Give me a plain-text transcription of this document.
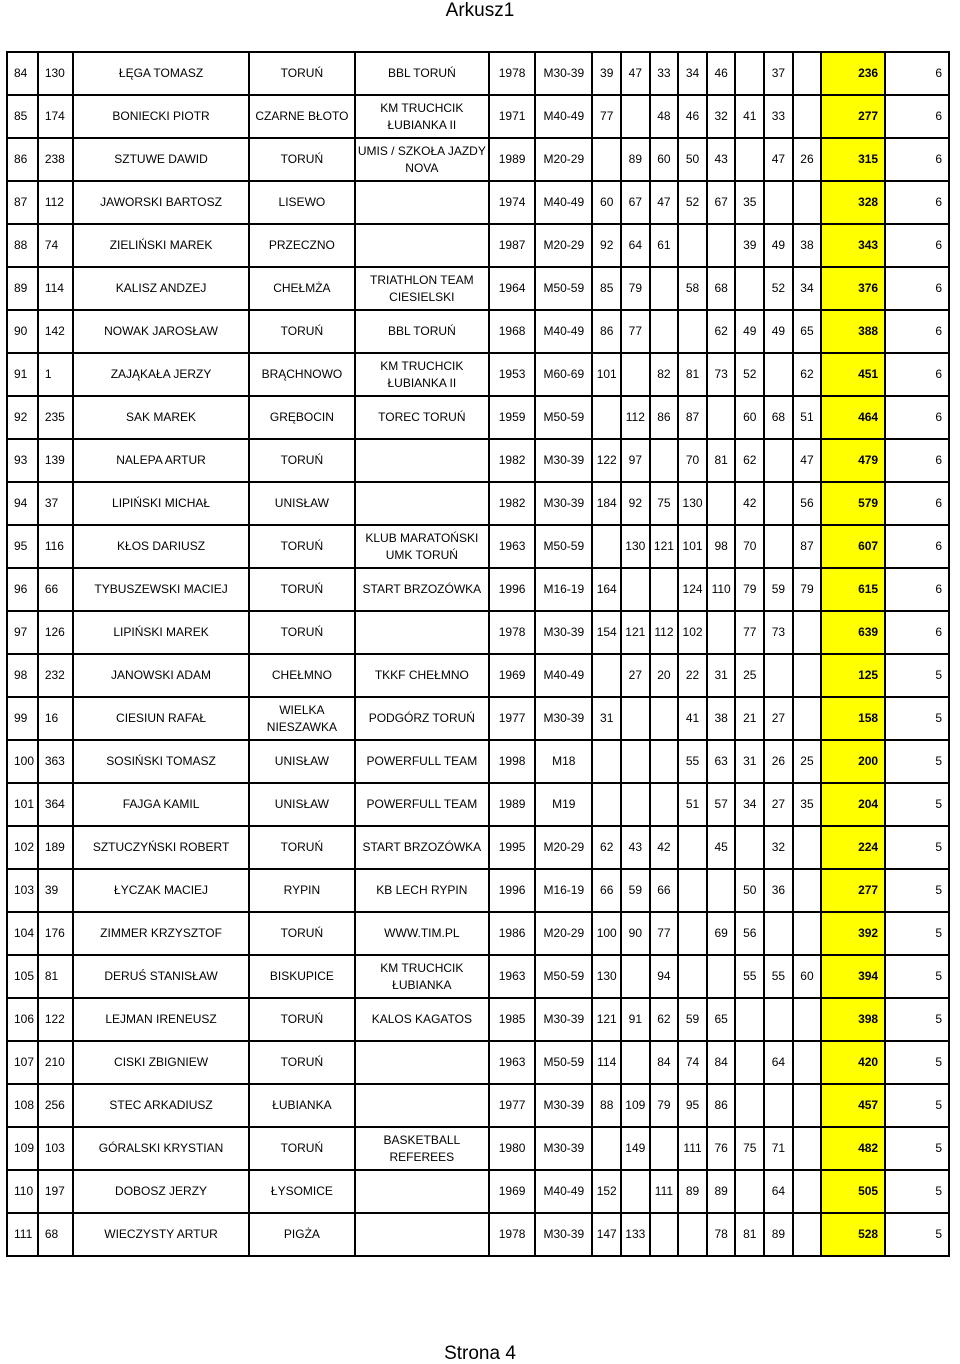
Arkusz1
84	130	ŁĘGA TOMASZ	TORUŃ	BBL TORUŃ	1978	M30-39	39	47	33	34	46		37		236	6
85	174	BONIECKI PIOTR	CZARNE BŁOTO	KM TRUCHCIK ŁUBIANKA II	1971	M40-49	77		48	46	32	41	33		277	6
86	238	SZTUWE DAWID	TORUŃ	UMIS / SZKOŁA JAZDY NOVA	1989	M20-29		89	60	50	43		47	26	315	6
87	112	JAWORSKI BARTOSZ	LISEWO		1974	M40-49	60	67	47	52	67	35			328	6
88	74	ZIELIŃSKI MAREK	PRZECZNO		1987	M20-29	92	64	61			39	49	38	343	6
89	114	KALISZ ANDZEJ	CHEŁMŻA	TRIATHLON TEAM CIESIELSKI	1964	M50-59	85	79		58	68		52	34	376	6
90	142	NOWAK JAROSŁAW	TORUŃ	BBL TORUŃ	1968	M40-49	86	77			62	49	49	65	388	6
91	1	ZAJĄKAŁA JERZY	BRĄCHNOWO	KM TRUCHCIK ŁUBIANKA II	1953	M60-69	101		82	81	73	52		62	451	6
92	235	SAK MAREK	GRĘBOCIN	TOREC TORUŃ	1959	M50-59		112	86	87		60	68	51	464	6
93	139	NALEPA ARTUR	TORUŃ		1982	M30-39	122	97		70	81	62		47	479	6
94	37	LIPIŃSKI MICHAŁ	UNISŁAW		1982	M30-39	184	92	75	130		42		56	579	6
95	116	KŁOS DARIUSZ	TORUŃ	KLUB MARATOŃSKI UMK TORUŃ	1963	M50-59		130	121	101	98	70		87	607	6
96	66	TYBUSZEWSKI MACIEJ	TORUŃ	START BRZOZÓWKA	1996	M16-19	164			124	110	79	59	79	615	6
97	126	LIPIŃSKI MAREK	TORUŃ		1978	M30-39	154	121	112	102		77	73		639	6
98	232	JANOWSKI ADAM	CHEŁMNO	TKKF CHEŁMNO	1969	M40-49		27	20	22	31	25			125	5
99	16	CIESIUN RAFAŁ	WIELKA NIESZAWKA	PODGÓRZ TORUŃ	1977	M30-39	31			41	38	21	27		158	5
100	363	SOSIŃSKI TOMASZ	UNISŁAW	POWERFULL TEAM	1998	M18				55	63	31	26	25	200	5
101	364	FAJGA KAMIL	UNISŁAW	POWERFULL TEAM	1989	M19				51	57	34	27	35	204	5
102	189	SZTUCZYŃSKI ROBERT	TORUŃ	START BRZOZÓWKA	1995	M20-29	62	43	42		45		32		224	5
103	39	ŁYCZAK MACIEJ	RYPIN	KB LECH RYPIN	1996	M16-19	66	59	66			50	36		277	5
104	176	ZIMMER KRZYSZTOF	TORUŃ	WWW.TIM.PL	1986	M20-29	100	90	77		69	56			392	5
105	81	DERUŚ STANISŁAW	BISKUPICE	KM TRUCHCIK ŁUBIANKA	1963	M50-59	130		94			55	55	60	394	5
106	122	LEJMAN IRENEUSZ	TORUŃ	KALOS KAGATOS	1985	M30-39	121	91	62	59	65				398	5
107	210	CISKI ZBIGNIEW	TORUŃ		1963	M50-59	114		84	74	84		64		420	5
108	256	STEC ARKADIUSZ	ŁUBIANKA		1977	M30-39	88	109	79	95	86				457	5
109	103	GÓRALSKI KRYSTIAN	TORUŃ	BASKETBALL REFEREES	1980	M30-39		149		111	76	75	71		482	5
110	197	DOBOSZ JERZY	ŁYSOMICE		1969	M40-49	152		111	89	89		64		505	5
111	68	WIECZYSTY ARTUR	PIGŻA		1978	M30-39	147	133			78	81	89		528	5
Strona 4
